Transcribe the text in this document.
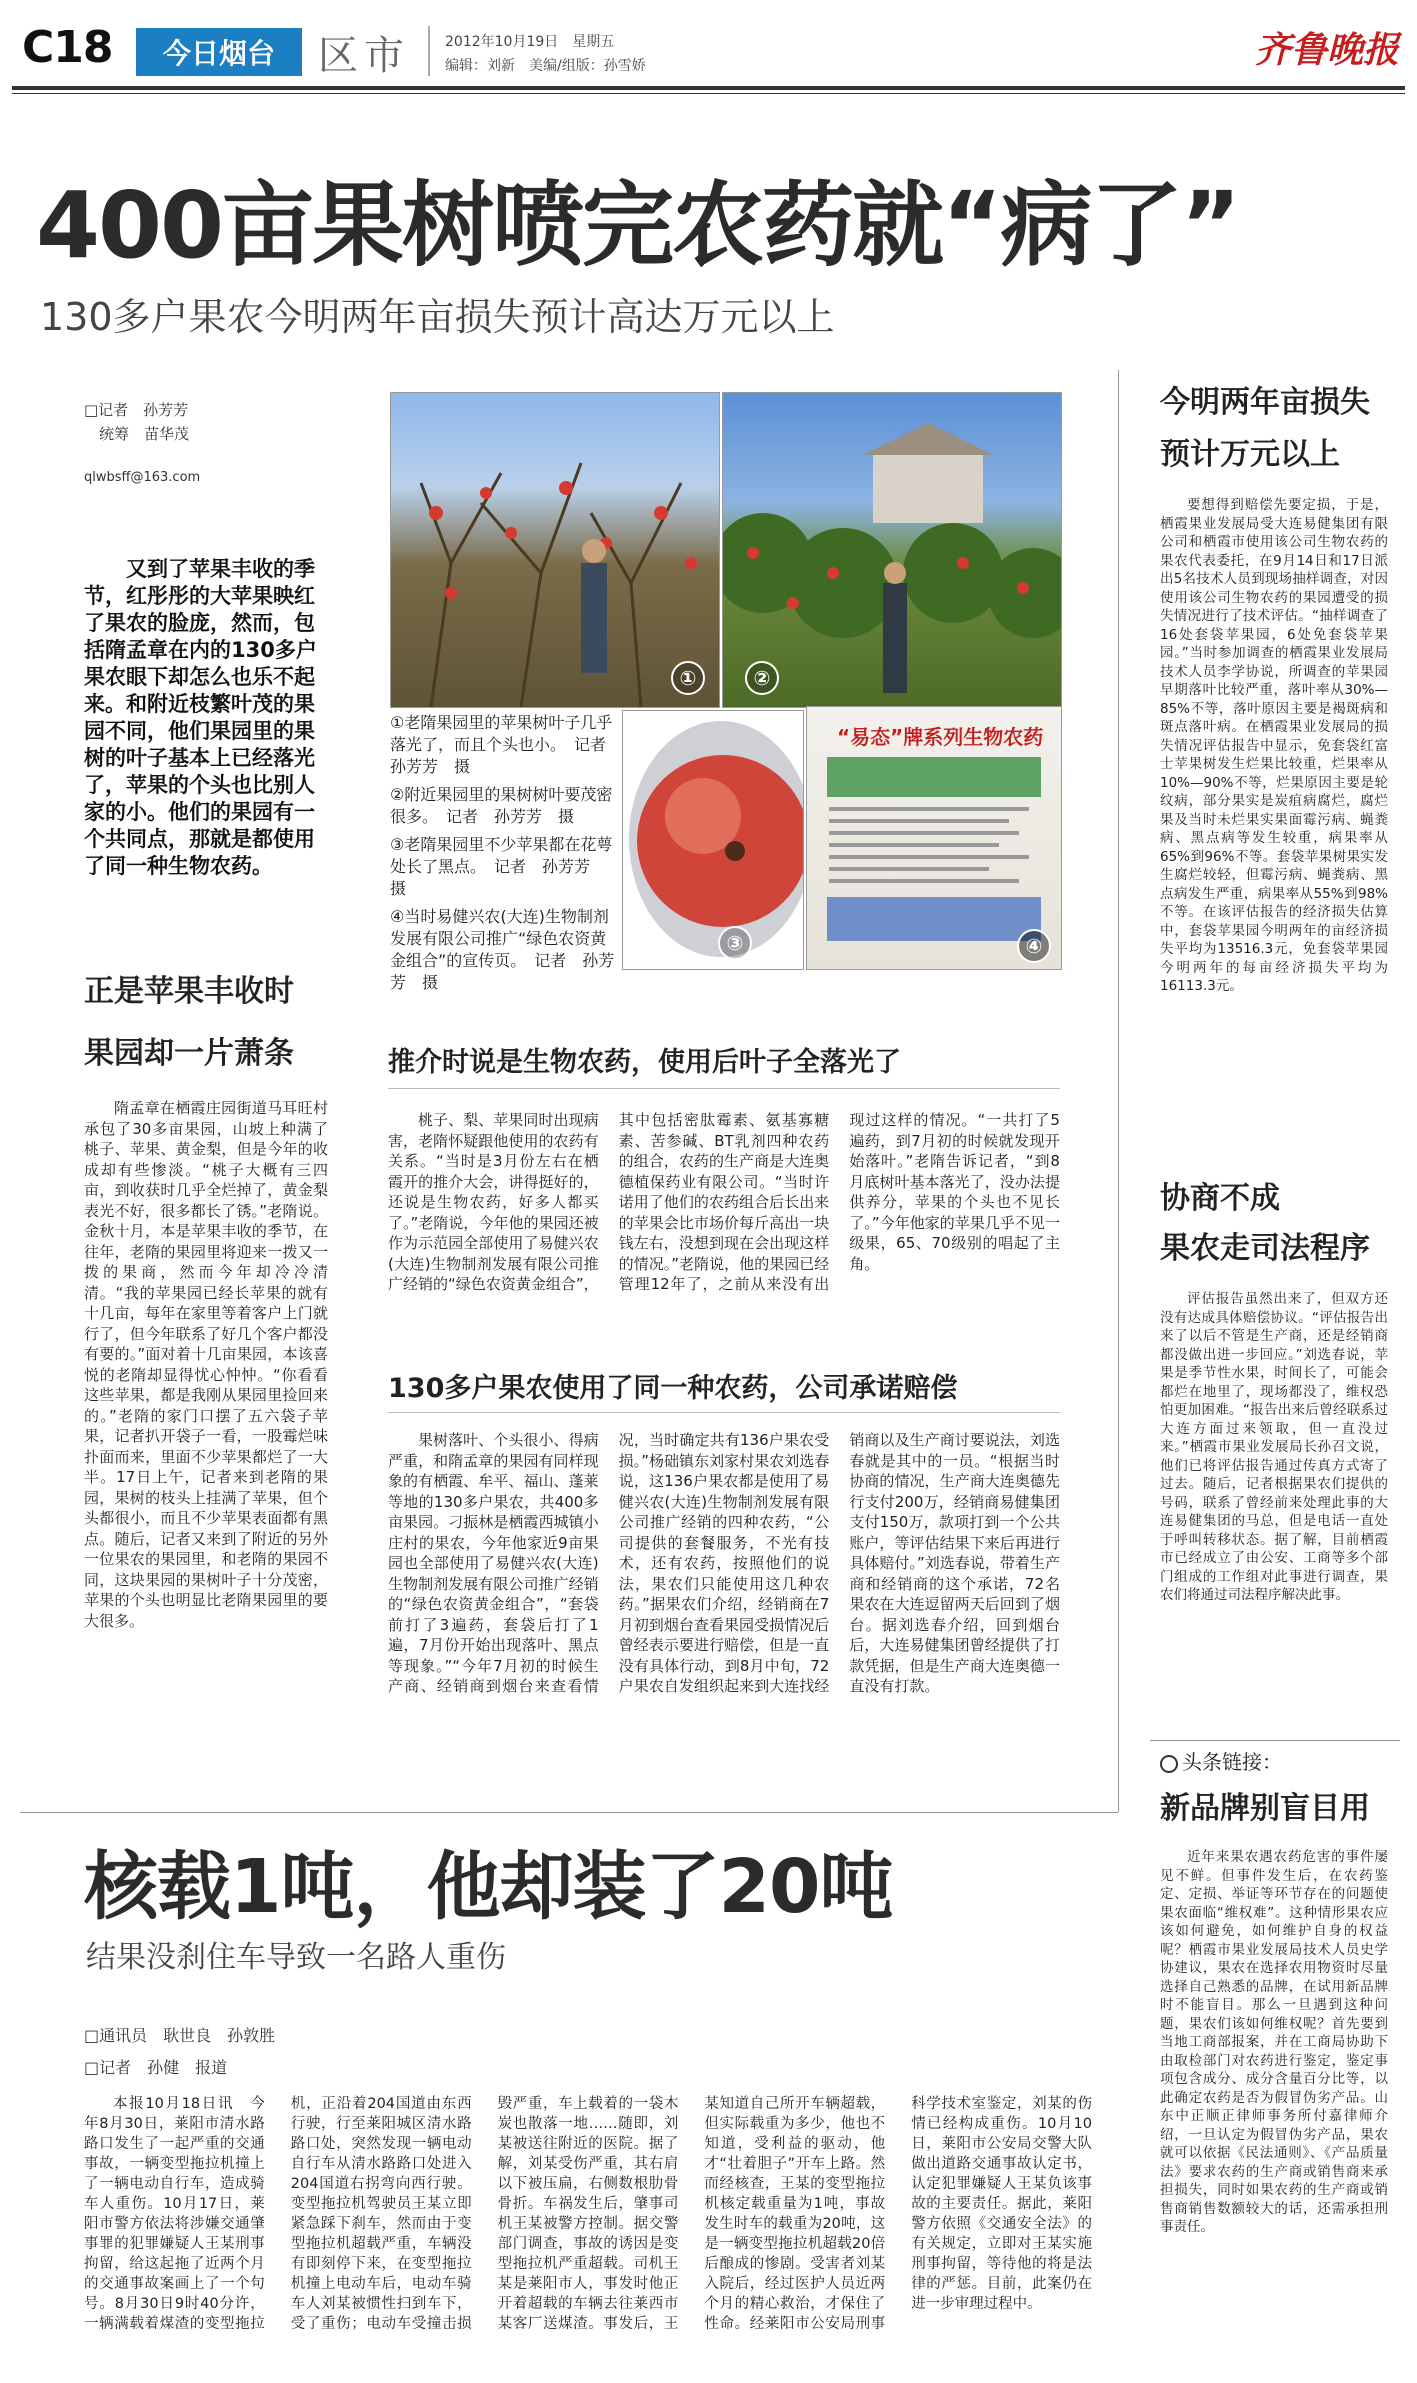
C18	今日烟台	区市	2012年10月19日　星期五
编辑：刘新　美编/组版：孙雪娇	齐鲁晚报
400亩果树喷完农药就“病了”
130多户果农今明两年亩损失预计高达万元以上
□记者　孙芳芳
　统筹　苗华茂
qlwbsff@163.com
又到了苹果丰收的季节，红彤彤的大苹果映红了果农的脸庞，然而，包括隋孟章在内的130多户果农眼下却怎么也乐不起来。和附近枝繁叶茂的果园不同，他们果园里的果树的叶子基本上已经落光了，苹果的个头也比别人家的小。他们的果园有一个共同点，那就是都使用了同一种生物农药。
①	②
③
“易态”牌系列生物农药
④
①老隋果园里的苹果树叶子几乎落光了，而且个头也小。　记者　孙芳芳　摄
②附近果园里的果树树叶要茂密很多。　记者　孙芳芳　摄
③老隋果园里不少苹果都在花萼处长了黑点。　记者　孙芳芳　摄
④当时易健兴农(大连)生物制剂发展有限公司推广“绿色农资黄金组合”的宣传页。　记者　孙芳芳　摄
正是苹果丰收时
果园却一片萧条
隋孟章在栖霞庄园街道马耳旺村承包了30多亩果园，山坡上种满了桃子、苹果、黄金梨，但是今年的收成却有些惨淡。“桃子大概有三四亩，到收获时几乎全烂掉了，黄金梨表光不好，很多都长了锈。”老隋说。金秋十月，本是苹果丰收的季节，在往年，老隋的果园里将迎来一拨又一拨的果商，然而今年却冷冷清清。“我的苹果园已经长苹果的就有十几亩，每年在家里等着客户上门就行了，但今年联系了好几个客户都没有要的。”面对着十几亩果园，本该喜悦的老隋却显得忧心忡忡。“你看看这些苹果，都是我刚从果园里捡回来的。”老隋的家门口摆了五六袋子苹果，记者扒开袋子一看，一股霉烂味扑面而来，里面不少苹果都烂了一大半。17日上午，记者来到老隋的果园，果树的枝头上挂满了苹果，但个头都很小，而且不少苹果表面都有黑点。随后，记者又来到了附近的另外一位果农的果园里，和老隋的果园不同，这块果园的果树叶子十分茂密，苹果的个头也明显比老隋果园里的要大很多。
推介时说是生物农药，使用后叶子全落光了
桃子、梨、苹果同时出现病害，老隋怀疑跟他使用的农药有关系。“当时是3月份左右在栖霞开的推介大会，讲得挺好的，还说是生物农药，好多人都买了。”老隋说，今年他的果园还被作为示范园全部使用了易健兴农(大连)生物制剂发展有限公司推广经销的“绿色农资黄金组合”，其中包括密肽霉素、氨基寡糖素、苦参碱、BT乳剂四种农药的组合，农药的生产商是大连奥德植保药业有限公司。“当时许诺用了他们的农药组合后长出来的苹果会比市场价每斤高出一块钱左右，没想到现在会出现这样的情况。”老隋说，他的果园已经管理12年了，之前从来没有出现过这样的情况。“一共打了5遍药，到7月初的时候就发现开始落叶。”老隋告诉记者，“到8月底树叶基本落光了，没办法提供养分，苹果的个头也不见长了。”今年他家的苹果几乎不见一级果，65、70级别的唱起了主角。
130多户果农使用了同一种农药，公司承诺赔偿
果树落叶、个头很小、得病严重，和隋孟章的果园有同样现象的有栖霞、牟平、福山、蓬莱等地的130多户果农，共400多亩果园。刁振林是栖霞西城镇小庄村的果农，今年他家近9亩果园也全部使用了易健兴农(大连)生物制剂发展有限公司推广经销的“绿色农资黄金组合”，“套袋前打了3遍药，套袋后打了1遍，7月份开始出现落叶、黑点等现象。”“今年7月初的时候生产商、经销商到烟台来查看情况，当时确定共有136户果农受损。”杨础镇东刘家村果农刘选春说，这136户果农都是使用了易健兴农(大连)生物制剂发展有限公司推广经销的四种农药，“公司提供的套餐服务，不光有技术，还有农药，按照他们的说法，果农们只能使用这几种农药。”据果农们介绍，经销商在7月初到烟台查看果园受损情况后曾经表示要进行赔偿，但是一直没有具体行动，到8月中旬，72户果农自发组织起来到大连找经销商以及生产商讨要说法，刘选春就是其中的一员。“根据当时协商的情况，生产商大连奥德先行支付200万，经销商易健集团支付150万，款项打到一个公共账户，等评估结果下来后再进行具体赔付。”刘选春说，带着生产商和经销商的这个承诺，72名果农在大连逗留两天后回到了烟台。据刘选春介绍，回到烟台后，大连易健集团曾经提供了打款凭据，但是生产商大连奥德一直没有打款。
今明两年亩损失
预计万元以上
要想得到赔偿先要定损，于是，栖霞果业发展局受大连易健集团有限公司和栖霞市使用该公司生物农药的果农代表委托，在9月14日和17日派出5名技术人员到现场抽样调查，对因使用该公司生物农药的果园遭受的损失情况进行了技术评估。“抽样调查了16处套袋苹果园，6处免套袋苹果园。”当时参加调查的栖霞果业发展局技术人员李学协说，所调查的苹果园早期落叶比较严重，落叶率从30%—85%不等，落叶原因主要是褐斑病和斑点落叶病。在栖霞果业发展局的损失情况评估报告中显示，免套袋红富士苹果树发生烂果比较重，烂果率从10%—90%不等，烂果原因主要是轮纹病，部分果实是炭疽病腐烂，腐烂果及当时未烂果实果面霉污病、蝇粪病、黑点病等发生较重，病果率从65%到96%不等。套袋苹果树果实发生腐烂较轻，但霉污病、蝇粪病、黑点病发生严重，病果率从55%到98%不等。在该评估报告的经济损失估算中，套袋苹果园今明两年的亩经济损失平均为13516.3元，免套袋苹果园今明两年的每亩经济损失平均为16113.3元。
协商不成
果农走司法程序
评估报告虽然出来了，但双方还没有达成具体赔偿协议。“评估报告出来了以后不管是生产商，还是经销商都没做出进一步回应。”刘选春说，苹果是季节性水果，时间长了，可能会都烂在地里了，现场都没了，维权恐怕更加困难。“报告出来后曾经联系过大连方面过来领取，但一直没过来。”栖霞市果业发展局长孙召文说，他们已将评估报告通过传真方式寄了过去。随后，记者根据果农们提供的号码，联系了曾经前来处理此事的大连易健集团的马总，但是电话一直处于呼叫转移状态。据了解，目前栖霞市已经成立了由公安、工商等多个部门组成的工作组对此事进行调查，果农们将通过司法程序解决此事。
头条链接：
新品牌别盲目用
近年来果农遇农药危害的事件屡见不鲜。但事件发生后，在农药鉴定、定损、举证等环节存在的问题使果农面临“维权难”。这种情形果农应该如何避免，如何维护自身的权益呢？栖霞市果业发展局技术人员史学协建议，果农在选择农用物资时尽量选择自己熟悉的品牌，在试用新品牌时不能盲目。那么一旦遇到这种问题，果农们该如何维权呢？首先要到当地工商部报案，并在工商局协助下由取检部门对农药进行鉴定，鉴定事项包含成分、成分含量百分比等，以此确定农药是否为假冒伪劣产品。山东中正顺正律师事务所付嘉律师介绍，一旦认定为假冒伪劣产品，果农就可以依据《民法通则》、《产品质量法》要求农药的生产商或销售商来承担损失，同时如果农药的生产商或销售商销售数额较大的话，还需承担刑事责任。
核载1吨，他却装了20吨
结果没刹住车导致一名路人重伤
□通讯员　耿世良　孙敦胜
□记者　孙健　报道
本报10月18日讯　今年8月30日，莱阳市清水路路口发生了一起严重的交通事故，一辆变型拖拉机撞上了一辆电动自行车，造成骑车人重伤。10月17日，莱阳市警方依法将涉嫌交通肇事罪的犯罪嫌疑人王某刑事拘留，给这起拖了近两个月的交通事故案画上了一个句号。8月30日9时40分许，一辆满载着煤渣的变型拖拉机，正沿着204国道由东西行驶，行至莱阳城区清水路路口处，突然发现一辆电动自行车从清水路路口处进入204国道右拐弯向西行驶。变型拖拉机驾驶员王某立即紧急踩下刹车，然而由于变型拖拉机超载严重，车辆没有即刻停下来，在变型拖拉机撞上电动车后，电动车骑车人刘某被惯性扫到车下，受了重伤；电动车受撞击损毁严重，车上载着的一袋木炭也散落一地……随即，刘某被送往附近的医院。据了解，刘某受伤严重，其右肩以下被压扁，右侧数根肋骨骨折。车祸发生后，肇事司机王某被警方控制。据交警部门调查，事故的诱因是变型拖拉机严重超载。司机王某是莱阳市人，事发时他正开着超载的车辆去往莱西市某客厂送煤渣。事发后，王某知道自己所开车辆超载，但实际载重为多少，他也不知道，受利益的驱动，他才“壮着胆子”开车上路。然而经核查，王某的变型拖拉机核定载重量为1吨，事故发生时车的载重为20吨，这是一辆变型拖拉机超载20倍后酿成的惨剧。受害者刘某入院后，经过医护人员近两个月的精心救治，才保住了性命。经莱阳市公安局刑事科学技术室鉴定，刘某的伤情已经构成重伤。10月10日，莱阳市公安局交警大队做出道路交通事故认定书，认定犯罪嫌疑人王某负该事故的主要责任。据此，莱阳警方依照《交通安全法》的有关规定，立即对王某实施刑事拘留，等待他的将是法律的严惩。目前，此案仍在进一步审理过程中。
